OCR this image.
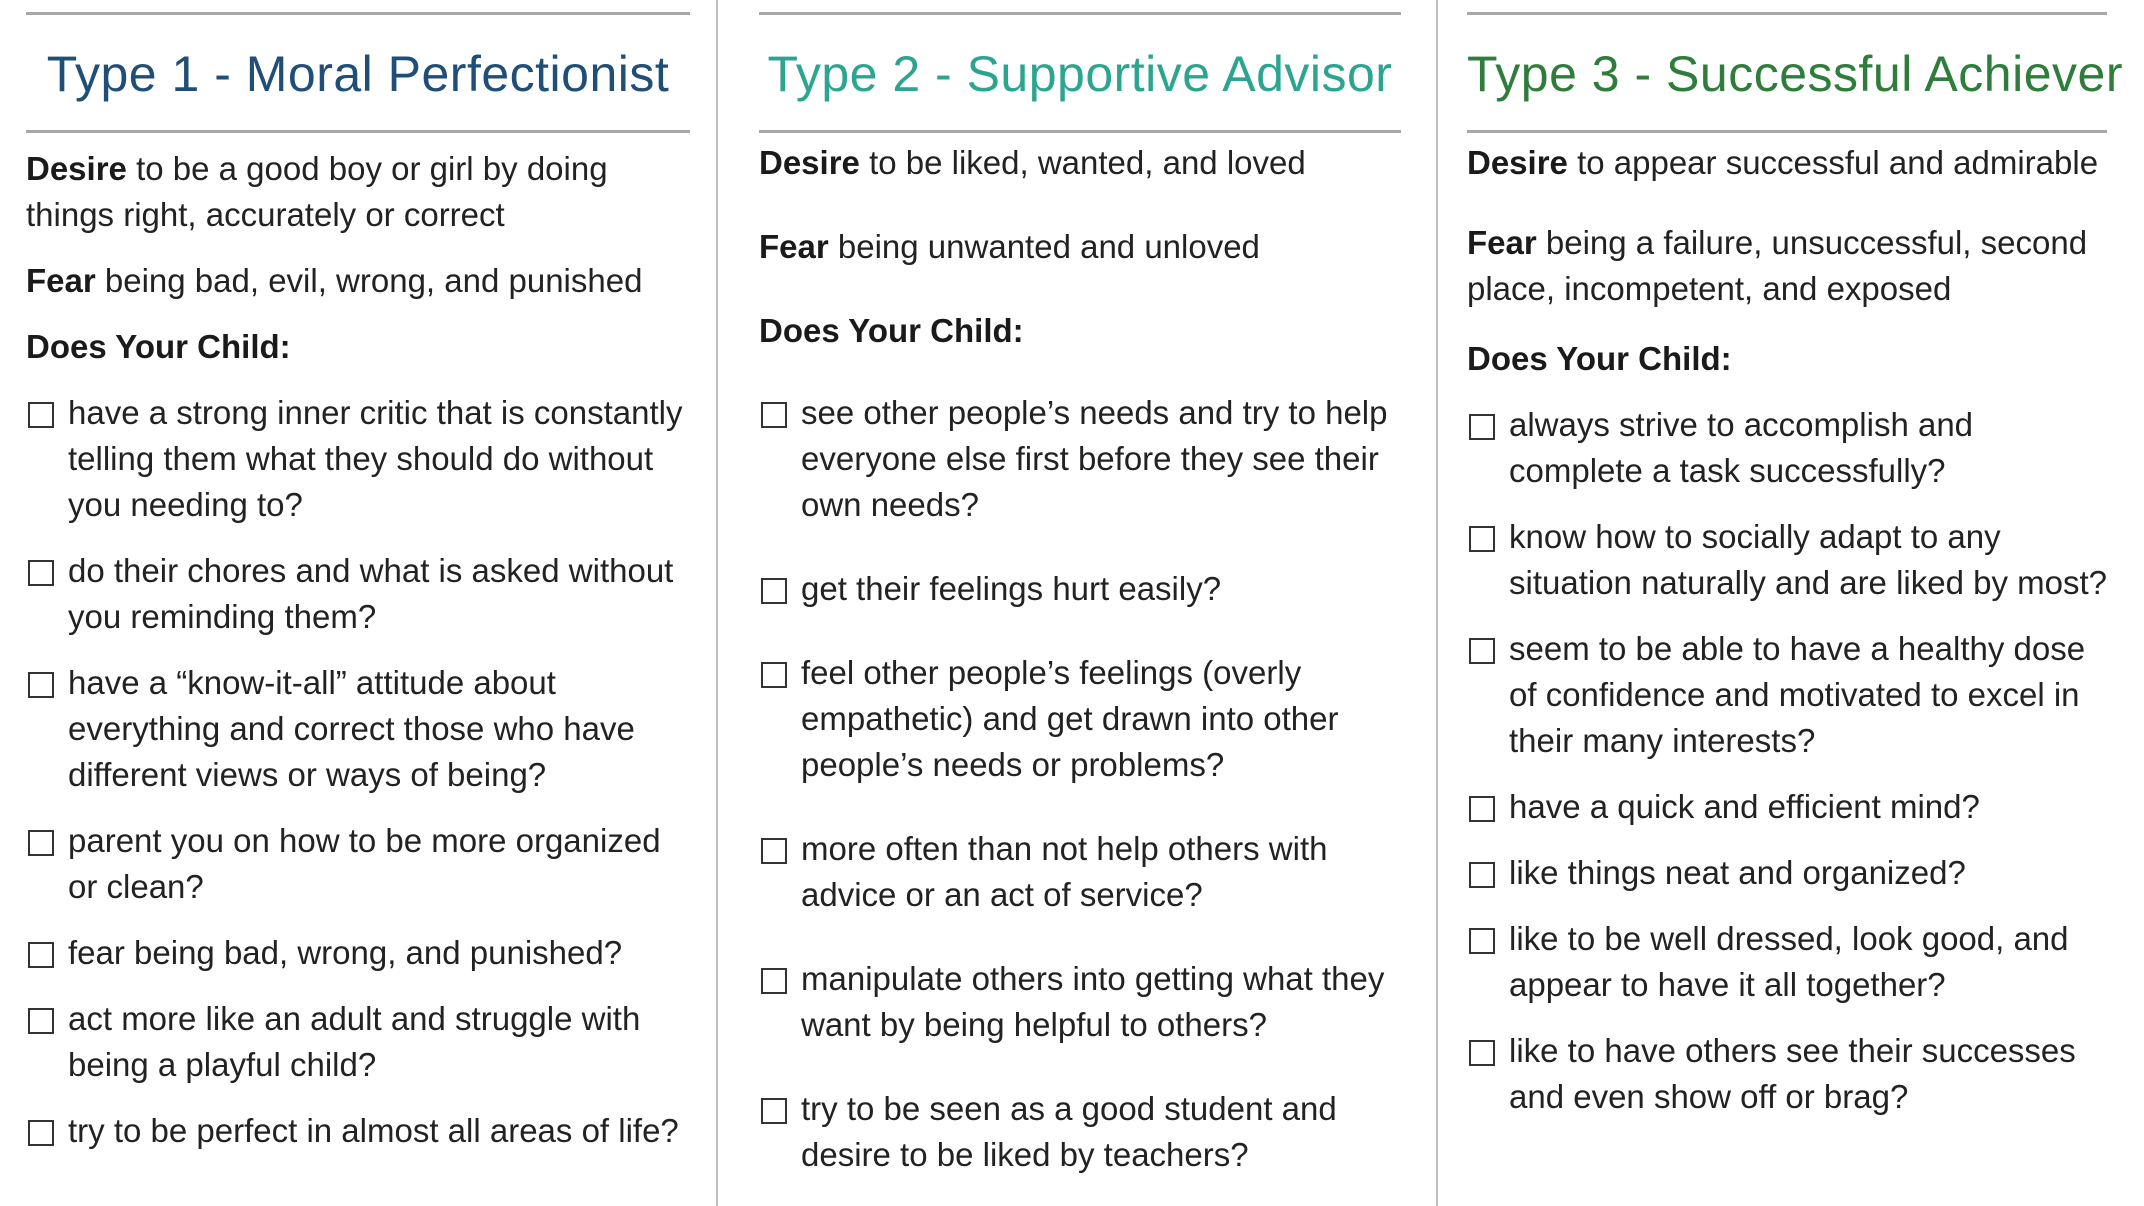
Type 1 - Moral Perfectionist

Desire to be a good boy or girl by doing things right, accurately or correct

Fear being bad, evil, wrong, and punished

Does Your Child:
have a strong inner critic that is constantly telling them what they should do without you needing to?
do their chores and what is asked without you reminding them?
have a “know-it-all” attitude about everything and correct those who have different views or ways of being?
parent you on how to be more organized or clean?
fear being bad, wrong, and punished?
act more like an adult and struggle with being a playful child?
try to be perfect in almost all areas of life?
Type 2 - Supportive Advisor

Desire to be liked, wanted, and loved

Fear being unwanted and unloved

Does Your Child:
see other people’s needs and try to help everyone else first before they see their own needs?
get their feelings hurt easily?
feel other people’s feelings (overly empathetic) and get drawn into other people’s needs or problems?
more often than not help others with advice or an act of service?
manipulate others into getting what they want by being helpful to others?
try to be seen as a good student and desire to be liked by teachers?
Type 3 - Successful Achiever

Desire to appear successful and admirable

Fear being a failure, unsuccessful, second place, incompetent, and exposed

Does Your Child:
always strive to accomplish and complete a task successfully?
know how to socially adapt to any situation naturally and are liked by most?
seem to be able to have a healthy dose of confidence and motivated to excel in their many interests?
have a quick and efficient mind?
like things neat and organized?
like to be well dressed, look good, and appear to have it all together?
like to have others see their successes and even show off or brag?
